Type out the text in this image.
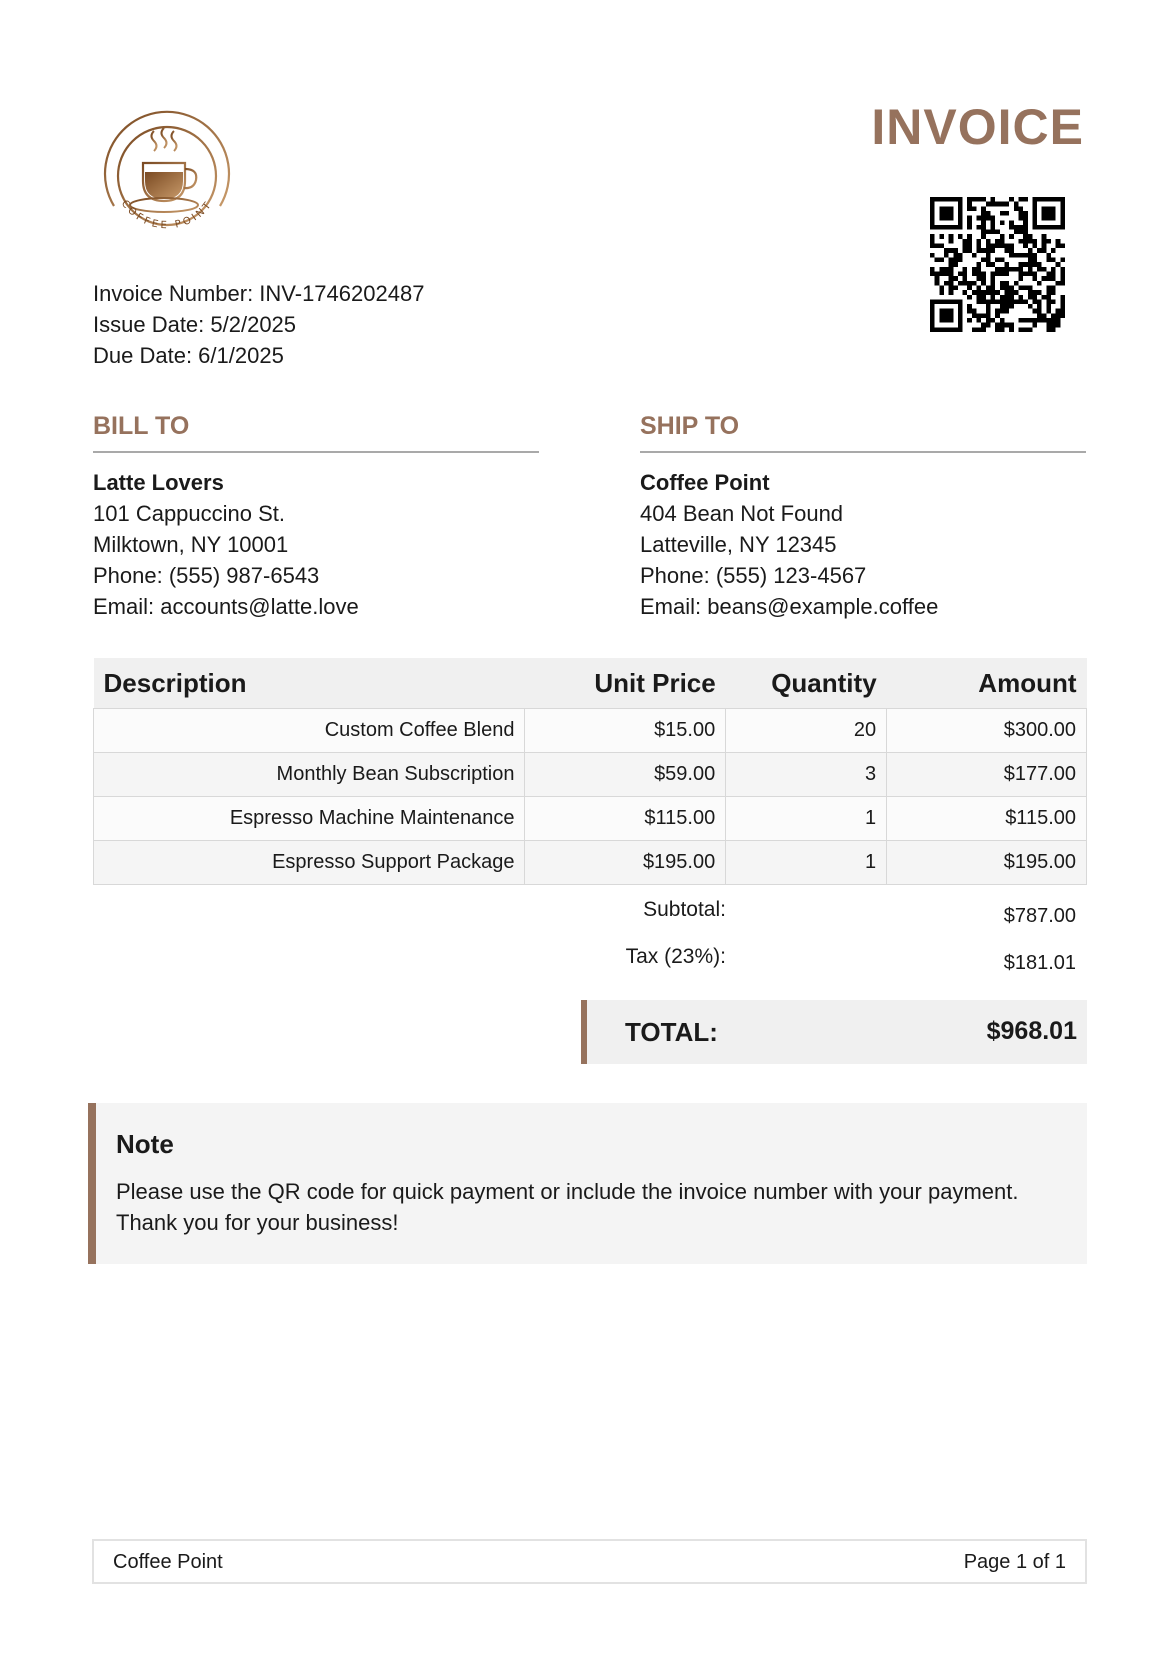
COFFEE POINT
INVOICE
Invoice Number: INV-1746202487
Issue Date: 5/2/2025
Due Date: 6/1/2025
BILL TO
Latte Lovers
101 Cappuccino St.
Milktown, NY 10001
Phone: (555) 987-6543
Email: accounts@latte.love
SHIP TO
Coffee Point
404 Bean Not Found
Latteville, NY 12345
Phone: (555) 123-4567
Email: beans@example.coffee
Description	Unit Price	Quantity	Amount
Custom Coffee Blend	$15.00	20	$300.00
Monthly Bean Subscription	$59.00	3	$177.00
Espresso Machine Maintenance	$115.00	1	$115.00
Espresso Support Package	$195.00	1	$195.00
Subtotal:	$787.00
Tax (23%):	$181.01
TOTAL:	$968.01
Note
Please use the QR code for quick payment or include the invoice number with your payment.
Thank you for your business!
Coffee Point	Page 1 of 1
